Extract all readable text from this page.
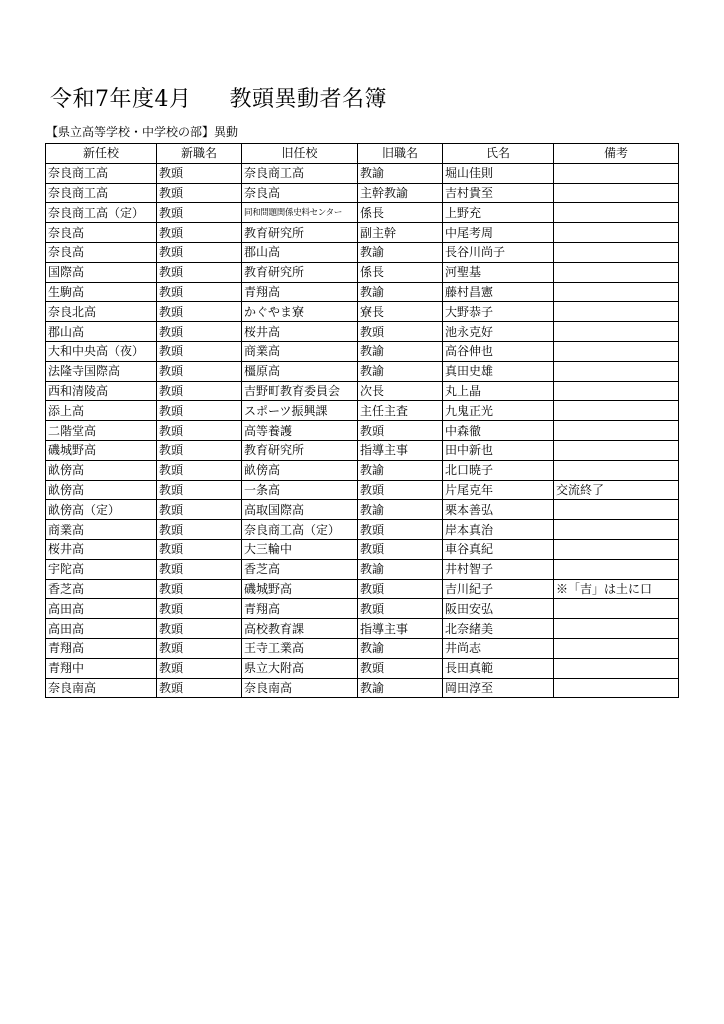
令和7年度4月 教頭異動者名簿
【県立高等学校・中学校の部】異動
新任校	新職名	旧任校	旧職名	氏名	備考
奈良商工高	教頭	奈良商工高	教諭	堀山佳則	
奈良商工高	教頭	奈良高	主幹教諭	吉村貴至	
奈良商工高（定）	教頭	同和問題関係史料センター	係長	上野充	
奈良高	教頭	教育研究所	副主幹	中尾考周	
奈良高	教頭	郡山高	教諭	長谷川尚子	
国際高	教頭	教育研究所	係長	河聖基	
生駒高	教頭	青翔高	教諭	藤村昌憲	
奈良北高	教頭	かぐやま寮	寮長	大野恭子	
郡山高	教頭	桜井高	教頭	池永克好	
大和中央高（夜）	教頭	商業高	教諭	高谷伸也	
法隆寺国際高	教頭	橿原高	教諭	真田史雄	
西和清陵高	教頭	吉野町教育委員会	次長	丸上晶	
添上高	教頭	スポーツ振興課	主任主査	九鬼正光	
二階堂高	教頭	高等養護	教頭	中森徹	
磯城野高	教頭	教育研究所	指導主事	田中新也	
畝傍高	教頭	畝傍高	教諭	北口暁子	
畝傍高	教頭	一条高	教頭	片尾克年	交流終了
畝傍高（定）	教頭	高取国際高	教諭	栗本善弘	
商業高	教頭	奈良商工高（定）	教頭	岸本真治	
桜井高	教頭	大三輪中	教頭	車谷真紀	
宇陀高	教頭	香芝高	教諭	井村智子	
香芝高	教頭	磯城野高	教頭	吉川紀子	※「吉」は土に口
高田高	教頭	青翔高	教頭	阪田安弘	
高田高	教頭	高校教育課	指導主事	北奈緒美	
青翔高	教頭	王寺工業高	教諭	井尚志	
青翔中	教頭	県立大附高	教頭	長田真範	
奈良南高	教頭	奈良南高	教諭	岡田淳至	
